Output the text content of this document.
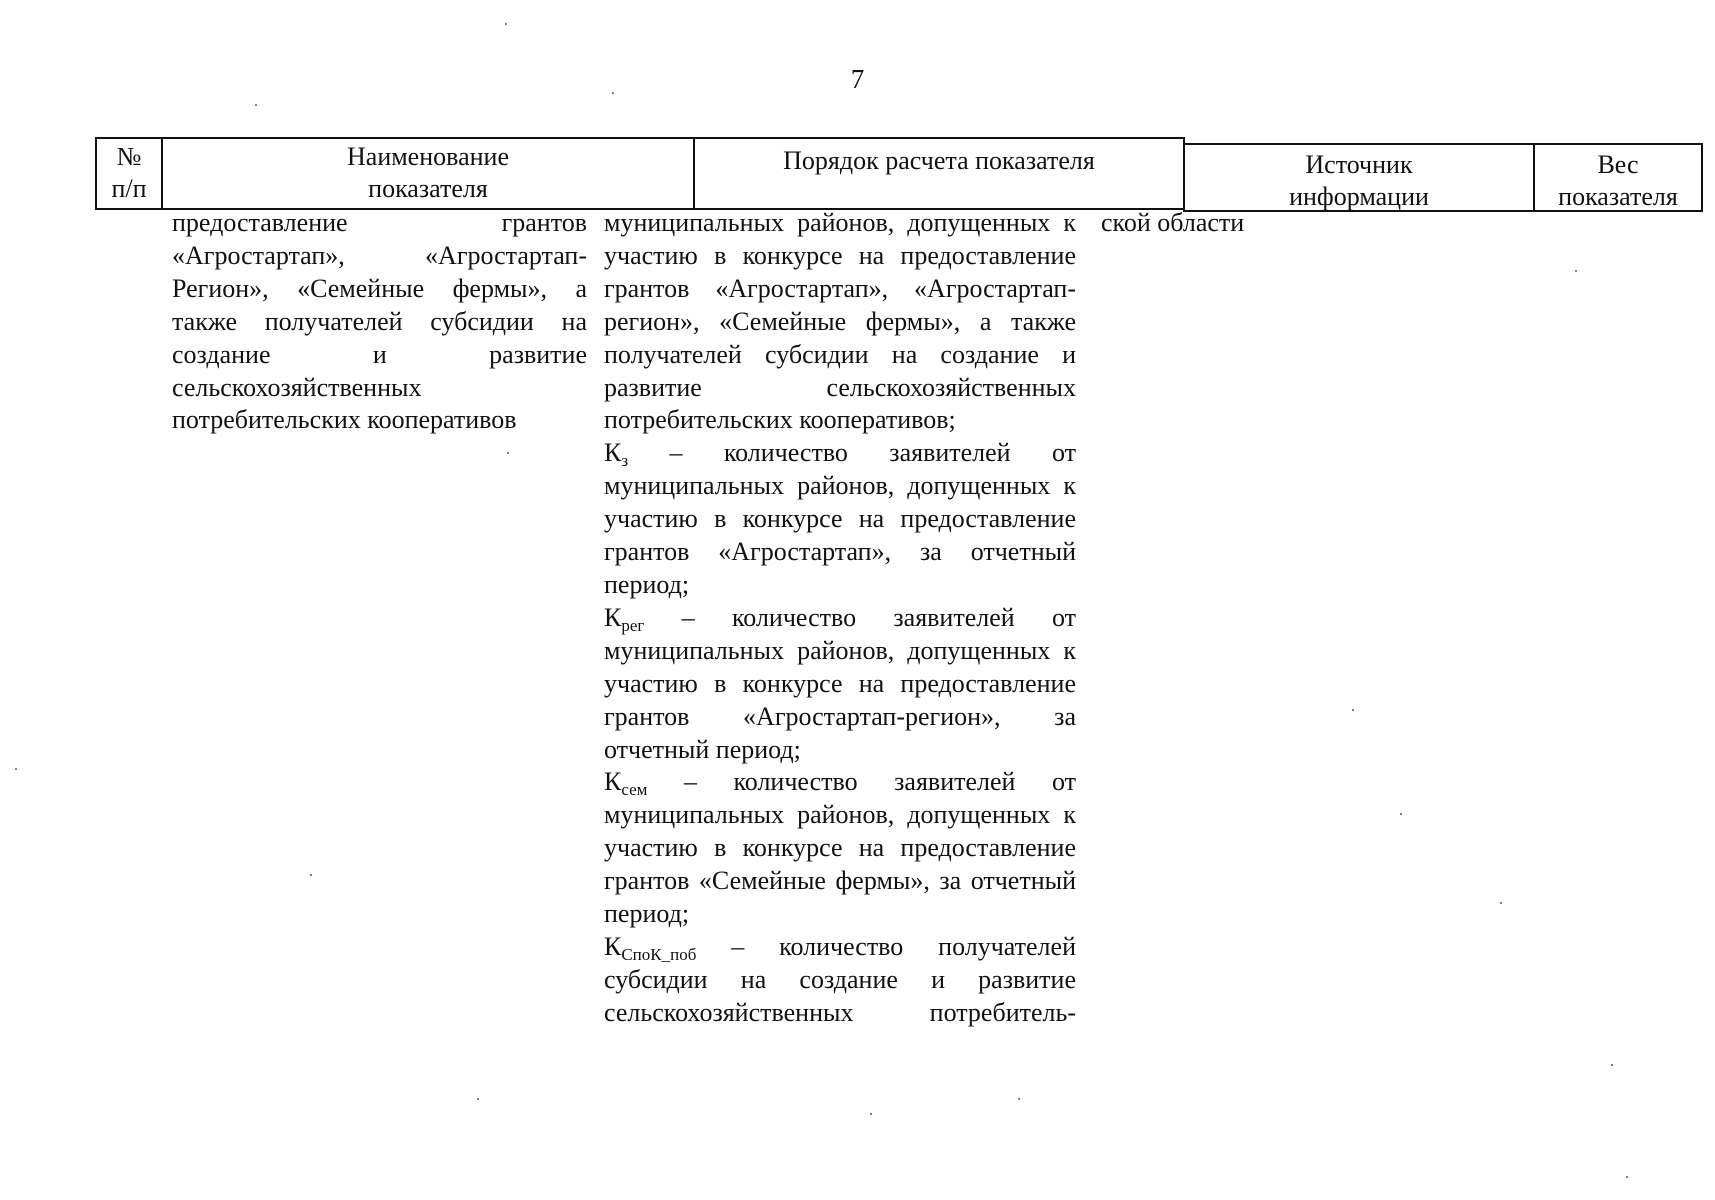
7
№
п/п
Наименование
показателя
Порядок расчета показателя	Источник
информации
Вес
показателя
предоставление грантов «Агростартап», «Агростартап-Регион», «Семейные фермы», а также получателей субсидии на создание и развитие сельскохозяйственных потребительских кооперативов
муниципальных районов, допущенных к участию в конкурсе на предоставление грантов «Агростартап», «Агростартап-регион», «Семейные фермы», а также получателей субсидии на создание и развитие сельскохозяйственных потребительских кооперативов;
$К_з$ – количество заявителей от муниципальных районов, допущенных к участию в конкурсе на предоставление грантов «Агростартап», за отчетный период;
$К_{рег}$ – количество заявителей от муниципальных районов, допущенных к участию в конкурсе на предоставление грантов «Агростартап-регион», за отчетный период;
$К_{сем}$ – количество заявителей от муниципальных районов, допущенных к участию в конкурсе на предоставление грантов «Семейные фермы», за отчетный период;
$К_{СпоК\_поб}$ – количество получателей субсидии на создание и развитие сельскохозяйственных потребитель-
ской области
